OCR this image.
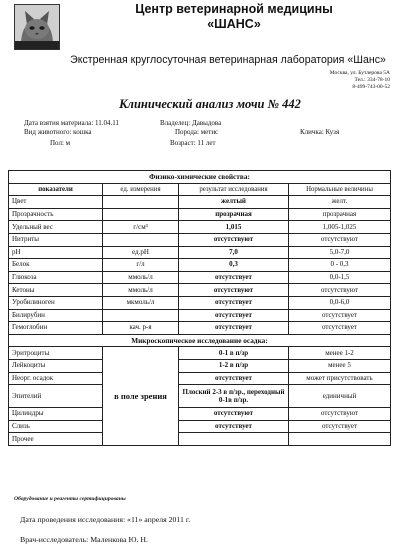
Центр ветеринарной медицины
«ШАНС»
Экстренная круглосуточная ветеринарная лаборатория «Шанс»
Москва, ул. Бутлерова 5А
Тел.: 334-78-10
8-499-743-00-52
Клинический анализ мочи № 442
Дата взятия материала: 11.04.11	Владелец: Давыдова
Вид животного: кошка	Порода: метис	Кличка: Кузя
Пол: м	Возраст: 11 лет
Физико-химические свойства:			
показатели	ед. измерения	результат исследования	Нормальные величины
Цвет		желтый	желт.
Прозрачность		прозрачная	прозрачная
Удельный вес	г/см³	1,015	1,005-1,025
Нитриты		отсутствуют	отсутствуют
рН	ед.рН	7,0	5,0-7,0
Белок	г/л	0,3	0 - 0,3
Глюкоза	ммоль/л	отсутствует	0,0-1,5
Кетоны	ммоль/л	отсутствуют	отсутствуют
Уробилиноген	мкмоль/л	отсутствует	0,0-6,0
Билирубин		отсутствует	отсутствует
Гемоглобин	кач. р-я	отсутствует	отсутствует
Микроскопическое исследование осадка:			
Эритроциты	в поле зрения	0-1 в п/зр	менее 1-2
Лейкоциты		1-2 в п/зр	менее 5
Неорг. осадок		отсутствует	может присутствовать
Эпителий		Плоский 2-3 в п/зр., переходный 0-1в п/зр.	единичный
Цилиндры		отсутствуют	отсутствуют
Слизь		отсутствует	отсутствует
Прочее			
Оборудование и реагенты сертифицированы
Дата проведения исследования: «11» апреля 2011 г.
Врач-исследователь: Маленкова Ю. Н.
